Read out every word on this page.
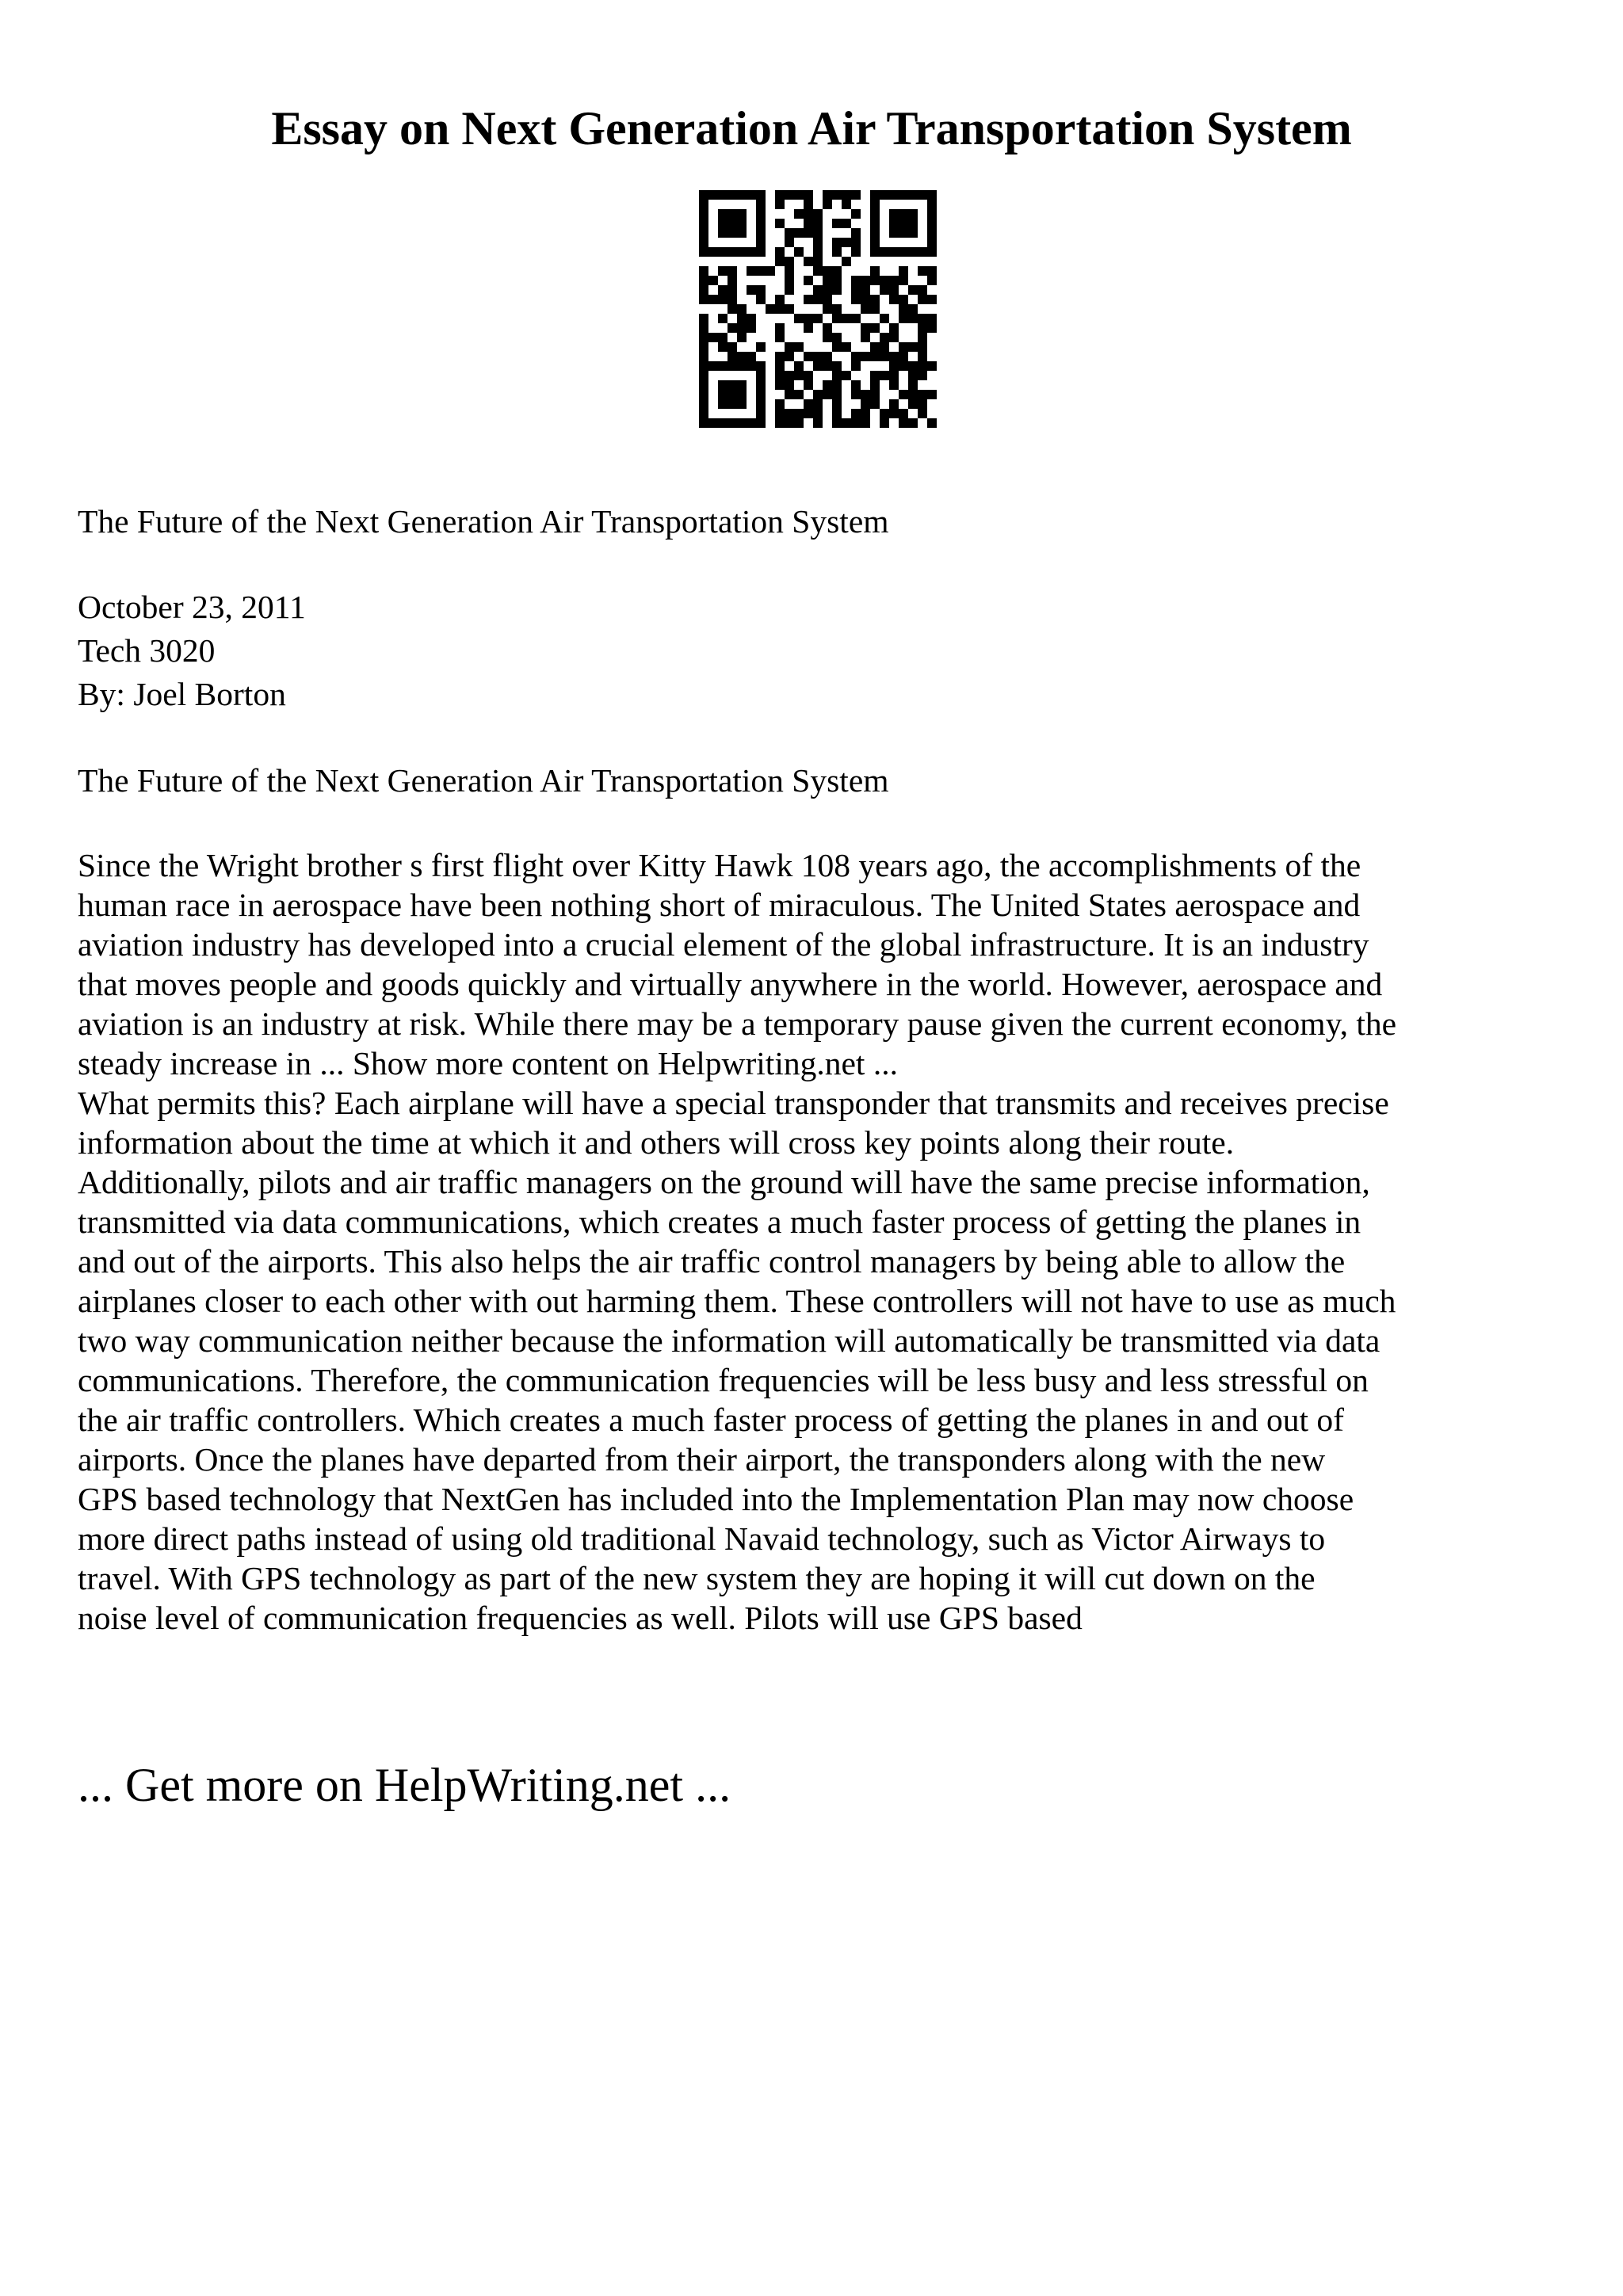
Essay on Next Generation Air Transportation System

The Future of the Next Generation Air Transportation System

October 23, 2011

Tech 3020

By: Joel Borton

The Future of the Next Generation Air Transportation System

Since the Wright brother s first flight over Kitty Hawk 108 years ago, the accomplishments of the
human race in aerospace have been nothing short of miraculous. The United States aerospace and
aviation industry has developed into a crucial element of the global infrastructure. It is an industry
that moves people and goods quickly and virtually anywhere in the world. However, aerospace and
aviation is an industry at risk. While there may be a temporary pause given the current economy, the
steady increase in ... Show more content on Helpwriting.net ...
What permits this? Each airplane will have a special transponder that transmits and receives precise
information about the time at which it and others will cross key points along their route.
Additionally, pilots and air traffic managers on the ground will have the same precise information,
transmitted via data communications, which creates a much faster process of getting the planes in
and out of the airports. This also helps the air traffic control managers by being able to allow the
airplanes closer to each other with out harming them. These controllers will not have to use as much
two way communication neither because the information will automatically be transmitted via data
communications. Therefore, the communication frequencies will be less busy and less stressful on
the air traffic controllers. Which creates a much faster process of getting the planes in and out of
airports. Once the planes have departed from their airport, the transponders along with the new
GPS based technology that NextGen has included into the Implementation Plan may now choose
more direct paths instead of using old traditional Navaid technology, such as Victor Airways to
travel. With GPS technology as part of the new system they are hoping it will cut down on the
noise level of communication frequencies as well. Pilots will use GPS based
... Get more on HelpWriting.net ...
